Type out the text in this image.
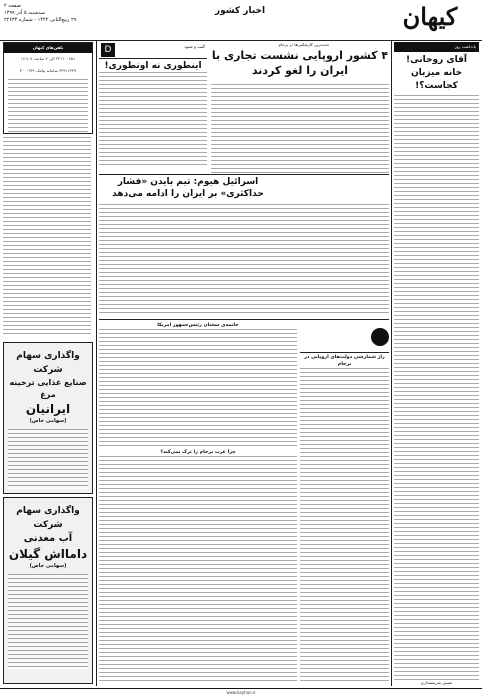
کیهان
اخبار کشور
صفحه ۲
سه‌شنبه ۵ آذر ۱۳۹۹
۲۹ ربیع‌الثانی ۱۴۴۲ - شماره ۲۲۶۳۴
تلفن‌های کیهان
۳۳۱۱۰۰۲۵۱ الی ۷ ساعت ۸ تا ۱۷
۳۳۹۱۶۴۳۹ سامانه پیامک ۳۰۰۰۳۳۴
واگذاری سهام شرکت
صنایع غذایی ترخینه مرغ
ایرانیان
(سهامی خاص)
واگذاری سهام شرکت
آب معدنی
دامااش گیلان
(سهامی خاص)
جدیدترین کارشکنی‌ها در برجام
۴ کشور اروپایی نشست تجاری با ایران را لغو کردند
گفت و شنود
D
اینطوری نه اونطوری!
اسرائیل هیوم: تیم بایدن «فشار حداکثری» بر ایران را ادامه می‌دهد
خاتمه‌ی سخنان رئیس‌جمهور آمریکا
چرا غرب برجام را ترک نمی‌کند؟
راز شمارشی دولت‌های اروپایی در برجام
یادداشت روز
آقای روحانی!
خانه میزبان کجاست؟!
حسین شریعتمداری
www.kayhan.ir
